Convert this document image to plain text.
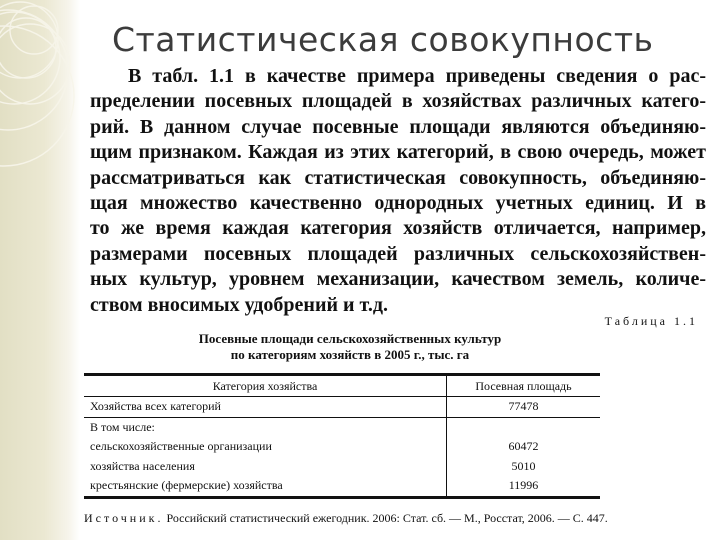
Статистическая совокупность
В табл. 1.1 в качестве примера приведены сведения о рас-
пределении посевных площадей в хозяйствах различных катего-
рий. В данном случае посевные площади являются объединяю-
щим признаком. Каждая из этих категорий, в свою очередь, может
рассматриваться как статистическая совокупность, объединяю-
щая множество качественно однородных учетных единиц. И в
то же время каждая категория хозяйств отличается, например,
размерами посевных площадей различных сельскохозяйствен-
ных культур, уровнем механизации, качеством земель, количе-
ством вносимых удобрений и т.д.
Таблица 1.1
Посевные площади сельскохозяйственных культур
по категориям хозяйств в 2005 г., тыс. га
Категория хозяйства	Посевная площадь
Хозяйства всех категорий	77478
В том числе:	
сельскохозяйственные организации	60472
хозяйства населения	5010
крестьянские (фермерские) хозяйства	11996
Источник. Российский статистический ежегодник. 2006: Стат. сб. — М., Росстат, 2006. — С. 447.
